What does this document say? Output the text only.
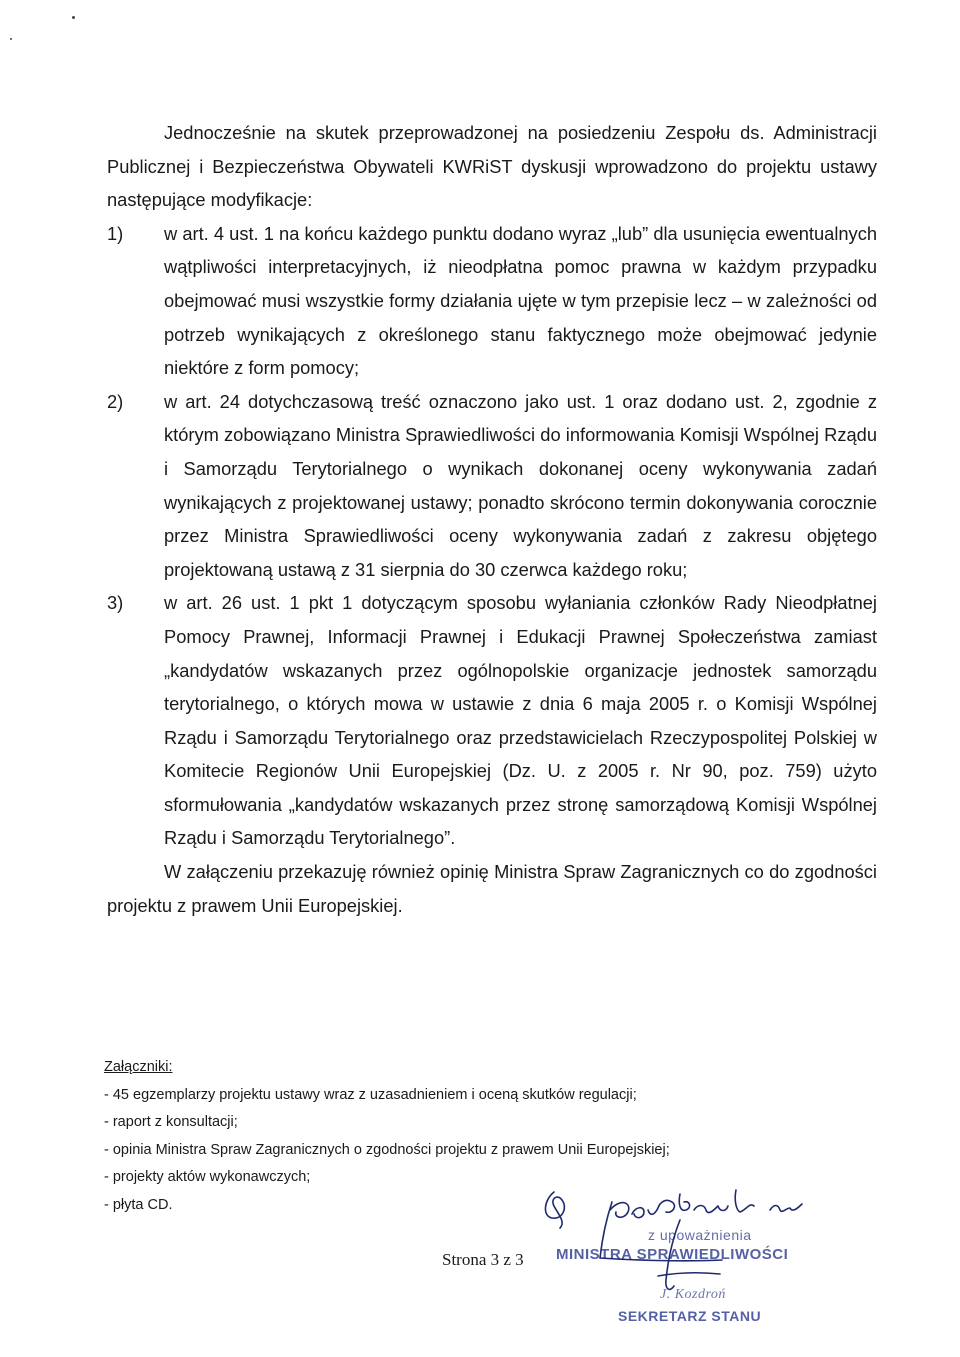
Jednocześnie na skutek przeprowadzonej na posiedzeniu Zespołu ds. Administracji Publicznej i Bezpieczeństwa Obywateli KWRiST dyskusji wprowadzono do projektu ustawy następujące modyfikacje:

1)	w art. 4 ust. 1 na końcu każdego punktu dodano wyraz „lub” dla usunięcia ewentualnych wątpliwości interpretacyjnych, iż nieodpłatna pomoc prawna w każdym przypadku obejmować musi wszystkie formy działania ujęte w tym przepisie lecz – w zależności od potrzeb wynikających z określonego stanu faktycznego może obejmować jedynie niektóre z form pomocy;
2)	w art. 24 dotychczasową treść oznaczono jako ust. 1 oraz dodano ust. 2, zgodnie z którym zobowiązano Ministra Sprawiedliwości do informowania Komisji Wspólnej Rządu i Samorządu Terytorialnego o wynikach dokonanej oceny wykonywania zadań wynikających z projektowanej ustawy; ponadto skrócono termin dokonywania corocznie przez Ministra Sprawiedliwości oceny wykonywania zadań z zakresu objętego projektowaną ustawą z 31 sierpnia do 30 czerwca każdego roku;
3)	w art. 26 ust. 1 pkt 1 dotyczącym sposobu wyłaniania członków Rady Nieodpłatnej Pomocy Prawnej, Informacji Prawnej i Edukacji Prawnej Społeczeństwa zamiast „kandydatów wskazanych przez ogólnopolskie organizacje jednostek samorządu terytorialnego, o których mowa w ustawie z dnia 6 maja 2005 r. o Komisji Wspólnej Rządu i Samorządu Terytorialnego oraz przedstawicielach Rzeczypospolitej Polskiej w Komitecie Regionów Unii Europejskiej (Dz. U. z 2005 r. Nr 90, poz. 759) użyto sformułowania „kandydatów wskazanych przez stronę samorządową Komisji Wspólnej Rządu i Samorządu Terytorialnego”.

W załączeniu przekazuję również opinię Ministra Spraw Zagranicznych co do zgodności projektu z prawem Unii Europejskiej.

Załączniki:

- 45 egzemplarzy projektu ustawy wraz z uzasadnieniem i oceną skutków regulacji;
- raport z konsultacji;
- opinia Ministra Spraw Zagranicznych o zgodności projektu z prawem Unii Europejskiej;
- projekty aktów wykonawczych;
- płyta CD.
Strona 3 z 3
z upoważnienia
MINISTRA SPRAWIEDLIWOŚCI
J. Kozdroń
SEKRETARZ STANU
